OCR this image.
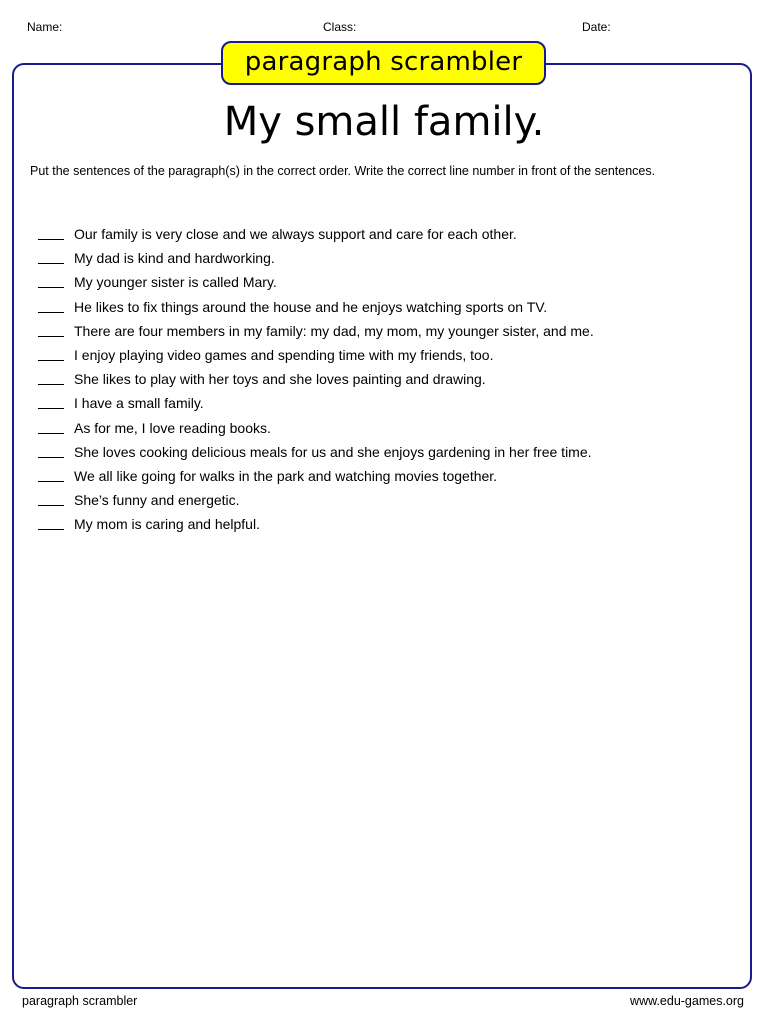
Name:	Class:	Date:
paragraph scrambler
My small family.
Put the sentences of the paragraph(s) in the correct order. Write the correct line number in front of the sentences.
Our family is very close and we always support and care for each other.
My dad is kind and hardworking.
My younger sister is called Mary.
He likes to fix things around the house and he enjoys watching sports on TV.
There are four members in my family: my dad, my mom, my younger sister, and me.
I enjoy playing video games and spending time with my friends, too.
She likes to play with her toys and she loves painting and drawing.
I have a small family.
As for me, I love reading books.
She loves cooking delicious meals for us and she enjoys gardening in her free time.
We all like going for walks in the park and watching movies together.
She’s funny and energetic.
My mom is caring and helpful.
paragraph scrambler	www.edu-games.org
